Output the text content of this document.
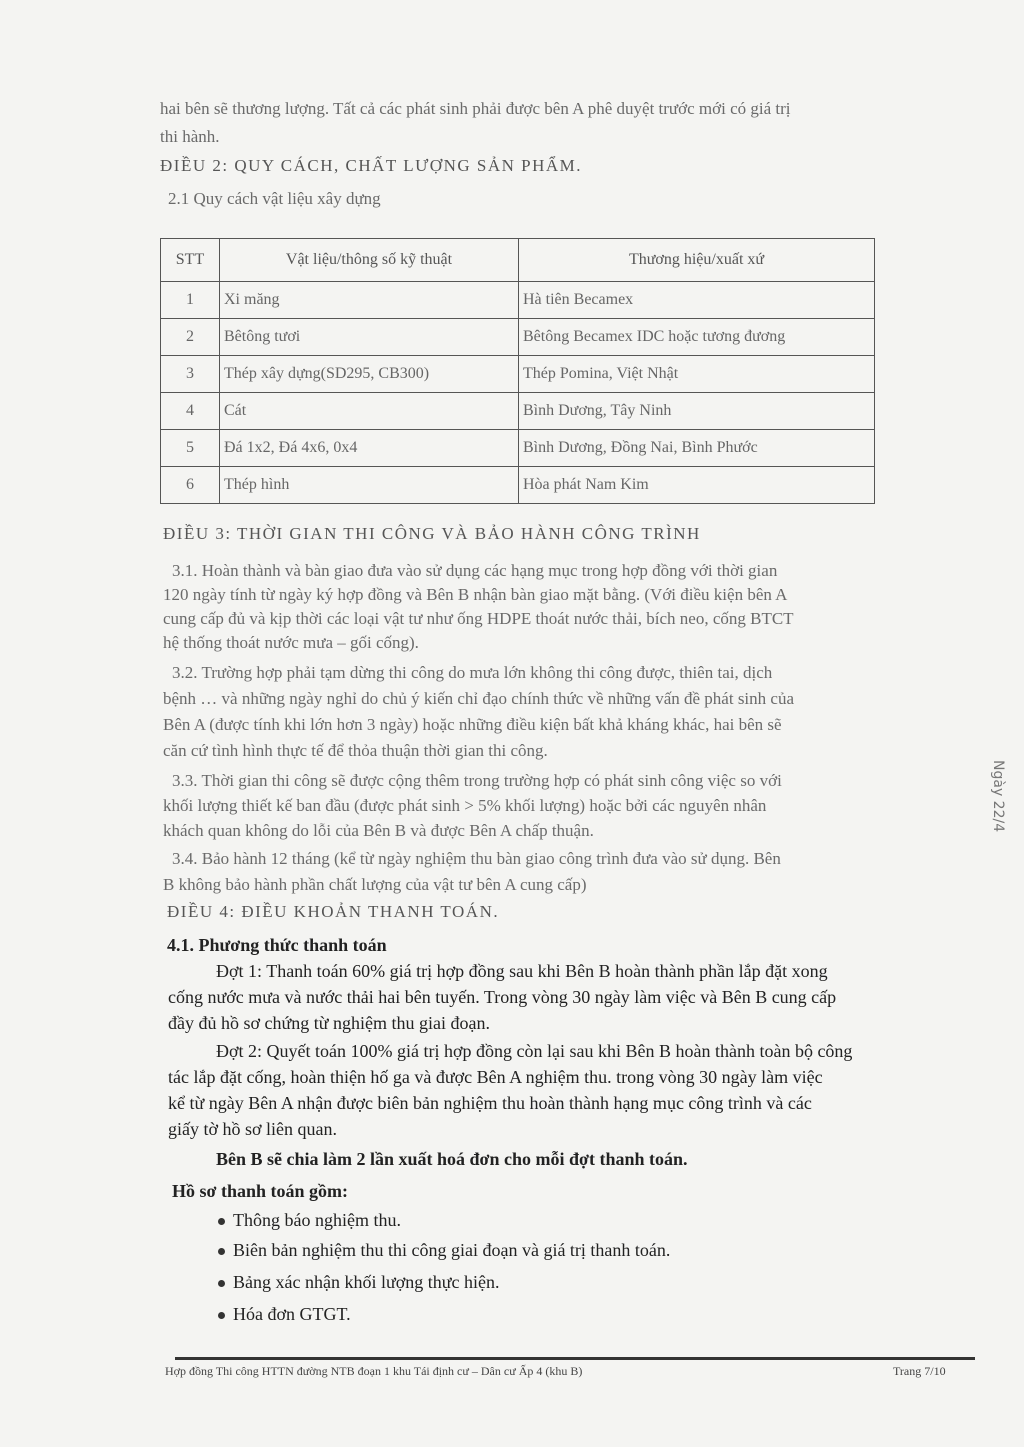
hai bên sẽ thương lượng. Tất cả các phát sinh phải được bên A phê duyệt trước mới có giá trị
thi hành.
ĐIỀU 2: QUY CÁCH, CHẤT LƯỢNG SẢN PHẨM.
2.1 Quy cách vật liệu xây dựng
STT	Vật liệu/thông số kỹ thuật	Thương hiệu/xuất xứ
1	Xi măng	Hà tiên Becamex
2	Bêtông tươi	Bêtông Becamex IDC hoặc tương đương
3	Thép xây dựng(SD295, CB300)	Thép Pomina, Việt Nhật
4	Cát	Bình Dương, Tây Ninh
5	Đá 1x2, Đá 4x6, 0x4	Bình Dương, Đồng Nai, Bình Phước
6	Thép hình	Hòa phát Nam Kim
ĐIỀU 3: THỜI GIAN THI CÔNG VÀ BẢO HÀNH CÔNG TRÌNH
3.1. Hoàn thành và bàn giao đưa vào sử dụng các hạng mục trong hợp đồng với thời gian
120 ngày tính từ ngày ký hợp đồng và Bên B nhận bàn giao mặt bằng. (Với điều kiện bên A
cung cấp đủ và kịp thời các loại vật tư như ống HDPE thoát nước thải, bích neo, cống BTCT
hệ thống thoát nước mưa – gối cống).
3.2. Trường hợp phải tạm dừng thi công do mưa lớn không thi công được, thiên tai, dịch
bệnh … và những ngày nghỉ do chủ ý kiến chỉ đạo chính thức về những vấn đề phát sinh của
Bên A (được tính khi lớn hơn 3 ngày) hoặc những điều kiện bất khả kháng khác, hai bên sẽ
căn cứ tình hình thực tế để thỏa thuận thời gian thi công.
3.3. Thời gian thi công sẽ được cộng thêm trong trường hợp có phát sinh công việc so với
khối lượng thiết kế ban đầu (được phát sinh > 5% khối lượng) hoặc bởi các nguyên nhân
khách quan không do lỗi của Bên B và được Bên A chấp thuận.
3.4. Bảo hành 12 tháng (kể từ ngày nghiệm thu bàn giao công trình đưa vào sử dụng. Bên
B không bảo hành phần chất lượng của vật tư bên A cung cấp)
ĐIỀU 4: ĐIỀU KHOẢN THANH TOÁN.
4.1. Phương thức thanh toán
Đợt 1: Thanh toán 60% giá trị hợp đồng sau khi Bên B hoàn thành phần lắp đặt xong
cống nước mưa và nước thải hai bên tuyến. Trong vòng 30 ngày làm việc và Bên B cung cấp
đầy đủ hồ sơ chứng từ nghiệm thu giai đoạn.
Đợt 2: Quyết toán 100% giá trị hợp đồng còn lại sau khi Bên B hoàn thành toàn bộ công
tác lắp đặt cống, hoàn thiện hố ga và được Bên A nghiệm thu. trong vòng 30 ngày làm việc
kể từ ngày Bên A nhận được biên bản nghiệm thu hoàn thành hạng mục công trình và các
giấy tờ hồ sơ liên quan.
Bên B sẽ chia làm 2 lần xuất hoá đơn cho mỗi đợt thanh toán.
Hồ sơ thanh toán gồm:
Thông báo nghiệm thu.
Biên bản nghiệm thu thi công giai đoạn và giá trị thanh toán.
Bảng xác nhận khối lượng thực hiện.
Hóa đơn GTGT.
Ngày 22/4
Hợp đồng Thi công HTTN đường NTB đoạn 1 khu Tái định cư – Dân cư Ấp 4 (khu B)	Trang 7/10
